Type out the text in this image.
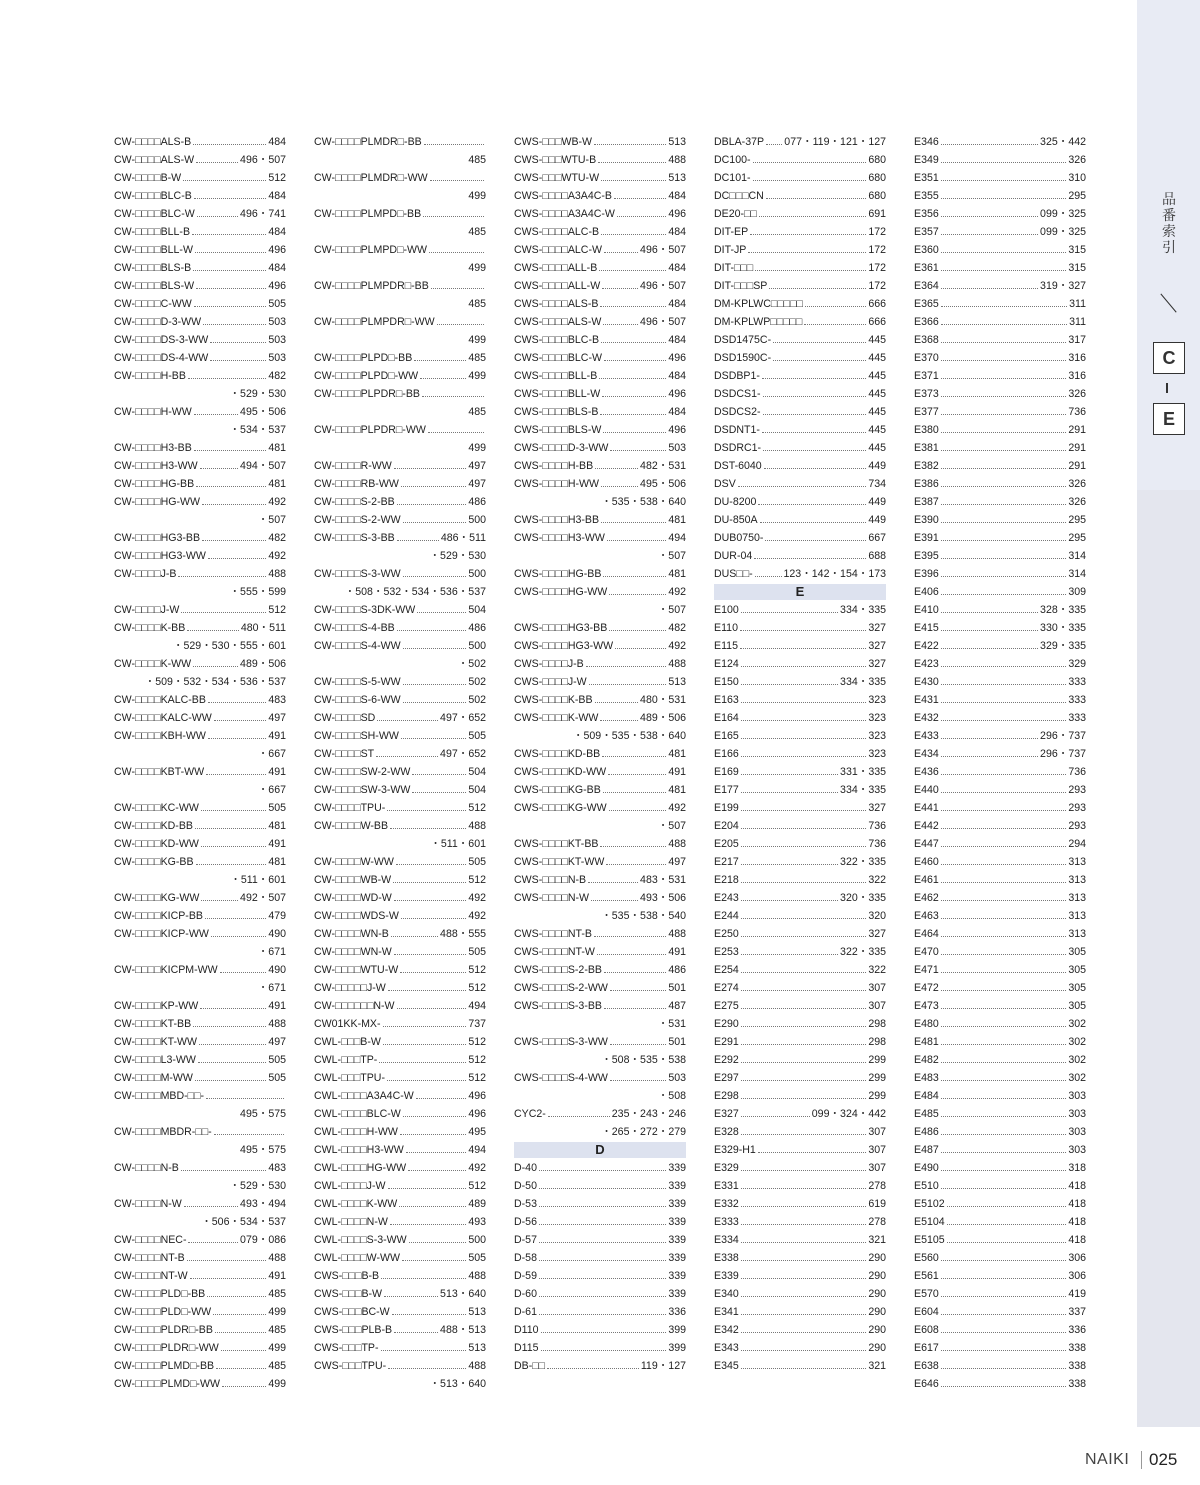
品番索引
C
E
CW-□□□□ALS-B	484
CW-□□□□ALS-W	496・507
CW-□□□□B-W	512
CW-□□□□BLC-B	484
CW-□□□□BLC-W	496・741
CW-□□□□BLL-B	484
CW-□□□□BLL-W	496
CW-□□□□BLS-B	484
CW-□□□□BLS-W	496
CW-□□□□C-WW	505
CW-□□□□D-3-WW	503
CW-□□□□DS-3-WW	503
CW-□□□□DS-4-WW	503
CW-□□□□H-BB	482
・529・530
CW-□□□□H-WW	495・506
・534・537
CW-□□□□H3-BB	481
CW-□□□□H3-WW	494・507
CW-□□□□HG-BB	481
CW-□□□□HG-WW	492
・507
CW-□□□□HG3-BB	482
CW-□□□□HG3-WW	492
CW-□□□□J-B	488
・555・599
CW-□□□□J-W	512
CW-□□□□K-BB	480・511
・529・530・555・601
CW-□□□□K-WW	489・506
・509・532・534・536・537
CW-□□□□KALC-BB	483
CW-□□□□KALC-WW	497
CW-□□□□KBH-WW	491
・667
CW-□□□□KBT-WW	491
・667
CW-□□□□KC-WW	505
CW-□□□□KD-BB	481
CW-□□□□KD-WW	491
CW-□□□□KG-BB	481
・511・601
CW-□□□□KG-WW	492・507
CW-□□□□KICP-BB	479
CW-□□□□KICP-WW	490
・671
CW-□□□□KICPM-WW	490
・671
CW-□□□□KP-WW	491
CW-□□□□KT-BB	488
CW-□□□□KT-WW	497
CW-□□□□L3-WW	505
CW-□□□□M-WW	505
CW-□□□□MBD-□□-
495・575
CW-□□□□MBDR-□□-
495・575
CW-□□□□N-B	483
・529・530
CW-□□□□N-W	493・494
・506・534・537
CW-□□□□NEC-	079・086
CW-□□□□NT-B	488
CW-□□□□NT-W	491
CW-□□□□PLD□-BB	485
CW-□□□□PLD□-WW	499
CW-□□□□PLDR□-BB	485
CW-□□□□PLDR□-WW	499
CW-□□□□PLMD□-BB	485
CW-□□□□PLMD□-WW	499
CW-□□□□PLMDR□-BB
485
CW-□□□□PLMDR□-WW
499
CW-□□□□PLMPD□-BB
485
CW-□□□□PLMPD□-WW
499
CW-□□□□PLMPDR□-BB
485
CW-□□□□PLMPDR□-WW
499
CW-□□□□PLPD□-BB	485
CW-□□□□PLPD□-WW	499
CW-□□□□PLPDR□-BB
485
CW-□□□□PLPDR□-WW
499
CW-□□□□R-WW	497
CW-□□□□RB-WW	497
CW-□□□□S-2-BB	486
CW-□□□□S-2-WW	500
CW-□□□□S-3-BB	486・511
・529・530
CW-□□□□S-3-WW	500
・508・532・534・536・537
CW-□□□□S-3DK-WW	504
CW-□□□□S-4-BB	486
CW-□□□□S-4-WW	500
・502
CW-□□□□S-5-WW	502
CW-□□□□S-6-WW	502
CW-□□□□SD	497・652
CW-□□□□SH-WW	505
CW-□□□□ST	497・652
CW-□□□□SW-2-WW	504
CW-□□□□SW-3-WW	504
CW-□□□□TPU-	512
CW-□□□□W-BB	488
・511・601
CW-□□□□W-WW	505
CW-□□□□WB-W	512
CW-□□□□WD-W	492
CW-□□□□WDS-W	492
CW-□□□□WN-B	488・555
CW-□□□□WN-W	505
CW-□□□□WTU-W	512
CW-□□□□□J-W	512
CW-□□□□□□N-W	494
CW01KK-MX-	737
CWL-□□□B-W	512
CWL-□□□TP-	512
CWL-□□□TPU-	512
CWL-□□□□A3A4C-W	496
CWL-□□□□BLC-W	496
CWL-□□□□H-WW	495
CWL-□□□□H3-WW	494
CWL-□□□□HG-WW	492
CWL-□□□□J-W	512
CWL-□□□□K-WW	489
CWL-□□□□N-W	493
CWL-□□□□S-3-WW	500
CWL-□□□□W-WW	505
CWS-□□□B-B	488
CWS-□□□B-W	513・640
CWS-□□□BC-W	513
CWS-□□□PLB-B	488・513
CWS-□□□TP-	513
CWS-□□□TPU-	488
・513・640
CWS-□□□WB-W	513
CWS-□□□WTU-B	488
CWS-□□□WTU-W	513
CWS-□□□□A3A4C-B	484
CWS-□□□□A3A4C-W	496
CWS-□□□□ALC-B	484
CWS-□□□□ALC-W	496・507
CWS-□□□□ALL-B	484
CWS-□□□□ALL-W	496・507
CWS-□□□□ALS-B	484
CWS-□□□□ALS-W	496・507
CWS-□□□□BLC-B	484
CWS-□□□□BLC-W	496
CWS-□□□□BLL-B	484
CWS-□□□□BLL-W	496
CWS-□□□□BLS-B	484
CWS-□□□□BLS-W	496
CWS-□□□□D-3-WW	503
CWS-□□□□H-BB	482・531
CWS-□□□□H-WW	495・506
・535・538・640
CWS-□□□□H3-BB	481
CWS-□□□□H3-WW	494
・507
CWS-□□□□HG-BB	481
CWS-□□□□HG-WW	492
・507
CWS-□□□□HG3-BB	482
CWS-□□□□HG3-WW	492
CWS-□□□□J-B	488
CWS-□□□□J-W	513
CWS-□□□□K-BB	480・531
CWS-□□□□K-WW	489・506
・509・535・538・640
CWS-□□□□KD-BB	481
CWS-□□□□KD-WW	491
CWS-□□□□KG-BB	481
CWS-□□□□KG-WW	492
・507
CWS-□□□□KT-BB	488
CWS-□□□□KT-WW	497
CWS-□□□□N-B	483・531
CWS-□□□□N-W	493・506
・535・538・540
CWS-□□□□NT-B	488
CWS-□□□□NT-W	491
CWS-□□□□S-2-BB	486
CWS-□□□□S-2-WW	501
CWS-□□□□S-3-BB	487
・531
CWS-□□□□S-3-WW	501
・508・535・538
CWS-□□□□S-4-WW	503
・508
CYC2-	235・243・246
・265・272・279
D
D-40	339
D-50	339
D-53	339
D-56	339
D-57	339
D-58	339
D-59	339
D-60	339
D-61	336
D110	399
D115	399
DB-□□	119・127
DBLA-37P 077・119・121・127
DC100-	680
DC101-	680
DC□□□CN	680
DE20-□□	691
DIT-EP	172
DIT-JP	172
DIT-□□□	172
DIT-□□□SP	172
DM-KPLWC□□□□□	666
DM-KPLWP□□□□□	666
DSD1475C-	445
DSD1590C-	445
DSDBP1-	445
DSDCS1-	445
DSDCS2-	445
DSDNT1-	445
DSDRC1-	445
DST-6040	449
DSV	734
DU-8200	449
DU-850A	449
DUB0750-	667
DUR-04	688
DUS□□-	123・142・154・173
E
E100	334・335
E110	327
E115	327
E124	327
E150	334・335
E163	323
E164	323
E165	323
E166	323
E169	331・335
E177	334・335
E199	327
E204	736
E205	736
E217	322・335
E218	322
E243	320・335
E244	320
E250	327
E253	322・335
E254	322
E274	307
E275	307
E290	298
E291	298
E292	299
E297	299
E298	299
E327	099・324・442
E328	307
E329-H1	307
E329	307
E331	278
E332	619
E333	278
E334	321
E338	290
E339	290
E340	290
E341	290
E342	290
E343	290
E345	321
E346	325・442
E349	326
E351	310
E355	295
E356	099・325
E357	099・325
E360	315
E361	315
E364	319・327
E365	311
E366	311
E368	317
E370	316
E371	316
E373	326
E377	736
E380	291
E381	291
E382	291
E386	326
E387	326
E390	295
E391	295
E395	314
E396	314
E406	309
E410	328・335
E415	330・335
E422	329・335
E423	329
E430	333
E431	333
E432	333
E433	296・737
E434	296・737
E436	736
E440	293
E441	293
E442	293
E447	294
E460	313
E461	313
E462	313
E463	313
E464	313
E470	305
E471	305
E472	305
E473	305
E480	302
E481	302
E482	302
E483	302
E484	303
E485	303
E486	303
E487	303
E490	318
E510	418
E5102	418
E5104	418
E5105	418
E560	306
E561	306
E570	419
E604	337
E608	336
E617	338
E638	338
E646	338
NAIKI 025
